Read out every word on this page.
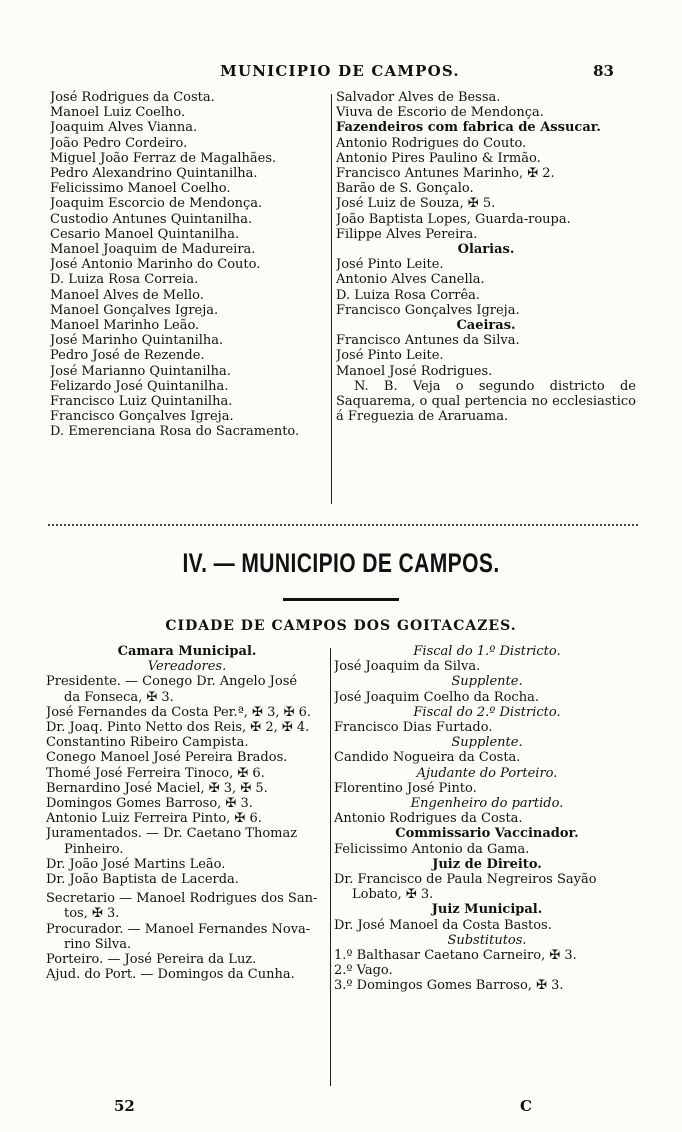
MUNICIPIO DE CAMPOS.	83
José Rodrigues da Costa.
Manoel Luiz Coelho.
Joaquim Alves Vianna.
João Pedro Cordeiro.
Miguel João Ferraz de Magalhães.
Pedro Alexandrino Quintanilha.
Felicissimo Manoel Coelho.
Joaquim Escorcio de Mendonça.
Custodio Antunes Quintanilha.
Cesario Manoel Quintanilha.
Manoel Joaquim de Madureira.
José Antonio Marinho do Couto.
D. Luiza Rosa Correia.
Manoel Alves de Mello.
Manoel Gonçalves Igreja.
Manoel Marinho Leão.
José Marinho Quintanilha.
Pedro José de Rezende.
José Marianno Quintanilha.
Felizardo José Quintanilha.
Francisco Luiz Quintanilha.
Francisco Gonçalves Igreja.
D. Emerenciana Rosa do Sacramento.
Salvador Alves de Bessa.
Viuva de Escorio de Mendonça.
Fazendeiros com fabrica de Assucar.
Antonio Rodrigues do Couto.
Antonio Pires Paulino & Irmão.
Francisco Antunes Marinho, ✠ 2.
Barão de S. Gonçalo.
José Luiz de Souza, ✠ 5.
João Baptista Lopes, Guarda-roupa.
Filippe Alves Pereira.
Olarias.
José Pinto Leite.
Antonio Alves Canella.
D. Luiza Rosa Corrêa.
Francisco Gonçalves Igreja.
Caeiras.
Francisco Antunes da Silva.
José Pinto Leite.
Manoel José Rodrigues.
N. B. Veja o segundo districto de Saquarema, o qual pertencia no ecclesiastico á Freguezia de Araruama.
IV. — MUNICIPIO DE CAMPOS.
CIDADE DE CAMPOS DOS GOITACAZES.
Camara Municipal.
Vereadores.
Presidente. — Conego Dr. Angelo José
da Fonseca, ✠ 3.
José Fernandes da Costa Per.ª, ✠ 3, ✠ 6.
Dr. Joaq. Pinto Netto dos Reis, ✠ 2, ✠ 4.
Constantino Ribeiro Campista.
Conego Manoel José Pereira Brados.
Thomé José Ferreira Tinoco, ✠ 6.
Bernardino José Maciel, ✠ 3, ✠ 5.
Domingos Gomes Barroso, ✠ 3.
Antonio Luiz Ferreira Pinto, ✠ 6.
Juramentados. — Dr. Caetano Thomaz
Pinheiro.
Dr. João José Martins Leão.
Dr. João Baptista de Lacerda.
Secretario — Manoel Rodrigues dos San-
tos, ✠ 3.
Procurador. — Manoel Fernandes Nova-
rino Silva.
Porteiro. — José Pereira da Luz.
Ajud. do Port. — Domingos da Cunha.
Fiscal do 1.º Districto.
José Joaquim da Silva.
Supplente.
José Joaquim Coelho da Rocha.
Fiscal do 2.º Districto.
Francisco Dias Furtado.
Supplente.
Candido Nogueira da Costa.
Ajudante do Porteiro.
Florentino José Pinto.
Engenheiro do partido.
Antonio Rodrigues da Costa.
Commissario Vaccinador.
Felicissimo Antonio da Gama.
Juiz de Direito.
Dr. Francisco de Paula Negreiros Sayão
Lobato, ✠ 3.
Juiz Municipal.
Dr. José Manoel da Costa Bastos.
Substitutos.
1.º Balthasar Caetano Carneiro, ✠ 3.
2.º Vago.
3.º Domingos Gomes Barroso, ✠ 3.
52	C
